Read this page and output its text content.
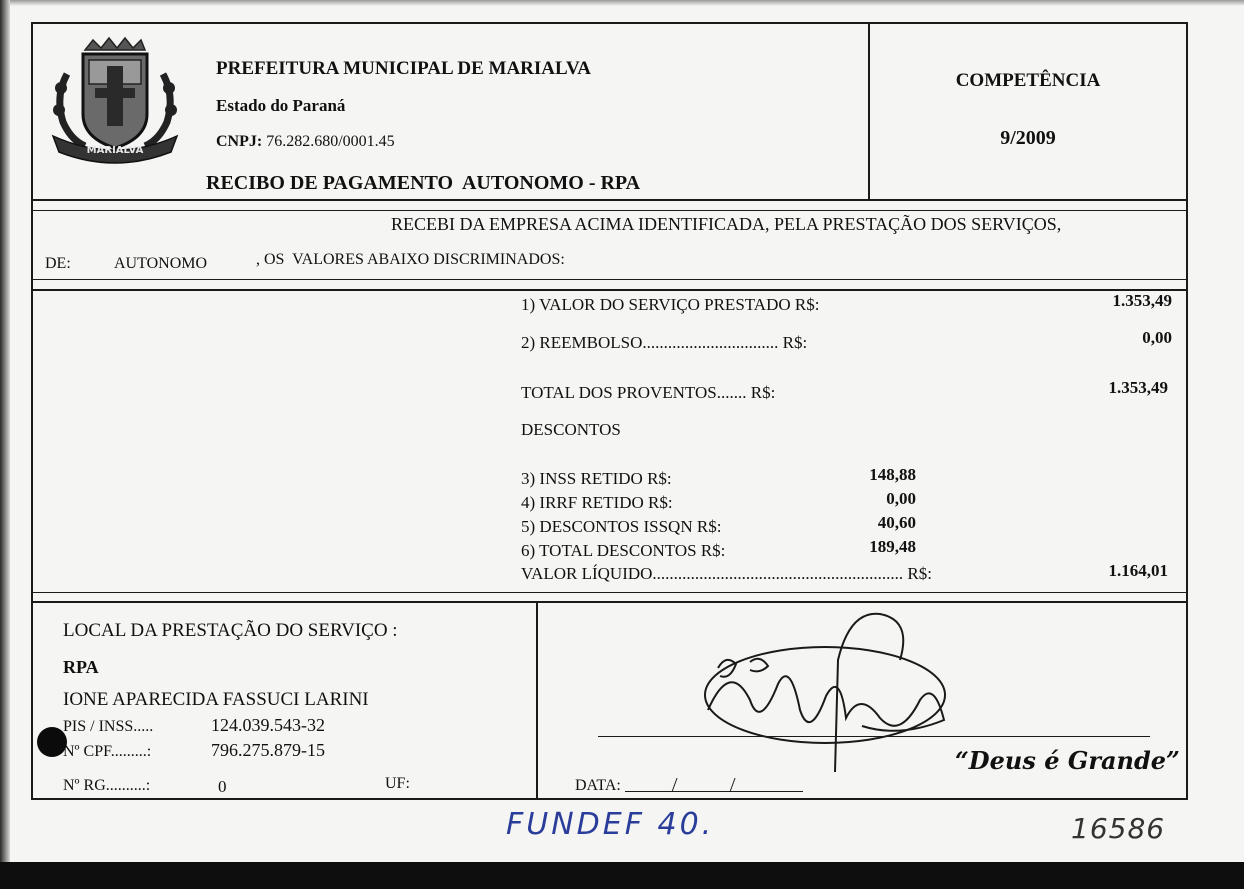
MARIALVA
PREFEITURA MUNICIPAL DE MARIALVA
Estado do Paraná
CNPJ: 76.282.680/0001.45
RECIBO DE PAGAMENTO  AUTONOMO - RPA
COMPETÊNCIA
9/2009
RECEBI DA EMPRESA ACIMA IDENTIFICADA, PELA PRESTAÇÃO DOS SERVIÇOS,
DE:	AUTONOMO	, OS  VALORES ABAIXO DISCRIMINADOS:
1) VALOR DO SERVIÇO PRESTADO R$:	1.353,49
2) REEMBOLSO................................ R$:	0,00
TOTAL DOS PROVENTOS....... R$:	1.353,49
DESCONTOS
3) INSS RETIDO R$:	148,88
4) IRRF RETIDO R$:	0,00
5) DESCONTOS ISSQN R$:	40,60
6) TOTAL DESCONTOS R$:	189,48
VALOR LÍQUIDO........................................................... R$:	1.164,01
LOCAL DA PRESTAÇÃO DO SERVIÇO :
RPA
IONE APARECIDA FASSUCI LARINI
PIS / INSS.....	124.039.543-32
Nº CPF.........:	796.275.879-15
Nº RG..........:	0	UF:
“Deus é Grande”
DATA:
FUNDEF 40.	16586
